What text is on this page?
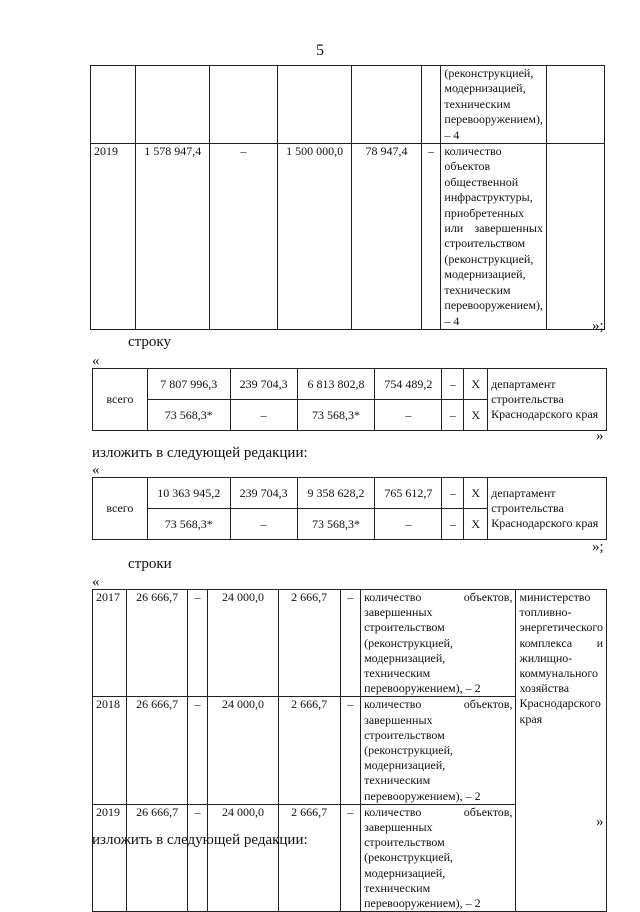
5
						(реконструкцией, модернизацией, техническим перевооружением), – 4	
2019	1 578 947,4	–	1 500 000,0	78 947,4	–	количество объектов общественной инфраструктуры, приобретенных или завершенных строительством (реконструкцией, модернизацией, техническим перевооружением), – 4		»;
строку
«
всего	7 807 996,3	239 704,3	6 813 802,8	754 489,2	–	X	департамент строительства Краснодарского края
	73 568,3*	–	73 568,3*	–	–	X	
»
изложить в следующей редакции:
«
всего	10 363 945,2	239 704,3	9 358 628,2	765 612,7	–	X	департамент строительства Краснодарского края
	73 568,3*	–	73 568,3*	–	–	X	
»;
строки
«
2017	26 666,7	–	24 000,0	2 666,7	–	количество объектов, завершенных строительством (реконструкцией, модернизацией, техническим перевооружением), – 2	министерство топливно-энергетического комплекса и жилищно-коммунального хозяйства Краснодарского края
2018	26 666,7	–	24 000,0	2 666,7	–	количество объектов, завершенных строительством (реконструкцией, модернизацией, техническим перевооружением), – 2	
2019	26 666,7	–	24 000,0	2 666,7	–	количество объектов, завершенных строительством (реконструкцией, модернизацией, техническим перевооружением), – 2	
»
изложить в следующей редакции:
